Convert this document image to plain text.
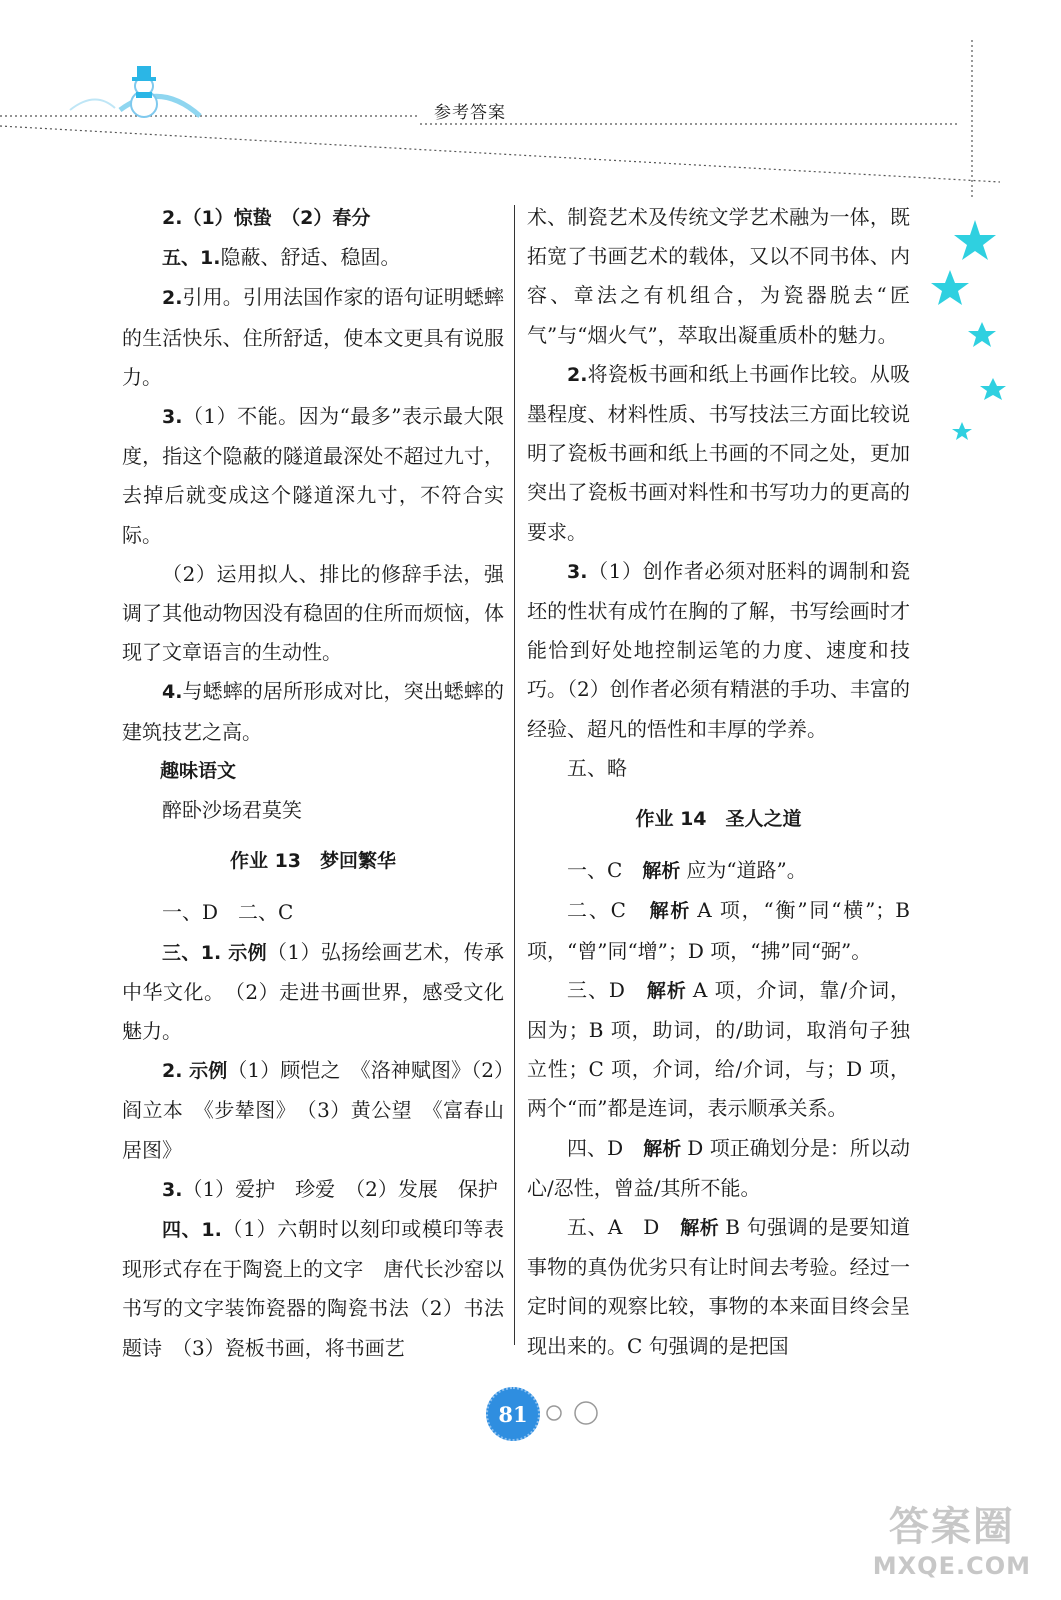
参考答案

2.（1）惊蛰　（2）春分

五、1.隐蔽、舒适、稳固。

2.引用。引用法国作家的语句证明蟋蟀的生活快乐、住所舒适，使本文更具有说服力。

3.（1）不能。因为“最多”表示最大限度，指这个隐蔽的隧道最深处不超过九寸，去掉后就变成这个隧道深九寸，不符合实际。

（2）运用拟人、排比的修辞手法，强调了其他动物因没有稳固的住所而烦恼，体现了文章语言的生动性。

4.与蟋蟀的居所形成对比，突出蟋蟀的建筑技艺之高。

趣味语文

醉卧沙场君莫笑

作业 13　梦回繁华

一、D　二、C

三、1. 示例（1）弘扬绘画艺术，传承中华文化。　（2）走进书画世界，感受文化魅力。

2. 示例（1）顾恺之　《洛神赋图》（2）阎立本　《步辇图》　（3）黄公望　《富春山居图》

3.（1）爱护　珍爱　（2）发展　保护

四、1.（1）六朝时以刻印或模印等表现形式存在于陶瓷上的文字　唐代长沙窑以书写的文字装饰瓷器的陶瓷书法（2）书法　题诗　（3）瓷板书画，将书画艺

术、制瓷艺术及传统文学艺术融为一体，既拓宽了书画艺术的载体，又以不同书体、内容、章法之有机组合，为瓷器脱去“匠气”与“烟火气”，萃取出凝重质朴的魅力。

2.将瓷板书画和纸上书画作比较。从吸墨程度、材料性质、书写技法三方面比较说明了瓷板书画和纸上书画的不同之处，更加突出了瓷板书画对料性和书写功力的更高的要求。

3.（1）创作者必须对胚料的调制和瓷坯的性状有成竹在胸的了解，书写绘画时才能恰到好处地控制运笔的力度、速度和技巧。（2）创作者必须有精湛的手功、丰富的经验、超凡的悟性和丰厚的学养。

五、略

作业 14　圣人之道

一、C　 解析 应为“道路”。

二、C　 解析 A 项，“衡”同“横”；B 项，“曾”同“增”；D 项，“拂”同“弼”。

三、D　 解析 A 项，介词，靠/介词，因为；B 项，助词，的/助词，取消句子独立性；C 项，介词，给/介词，与；D 项，两个“而”都是连词，表示顺承关系。

四、D　 解析 D 项正确划分是：所以动心/忍性，曾益/其所不能。

五、A　D　 解析 B 句强调的是要知道事物的真伪优劣只有让时间去考验。经过一定时间的观察比较，事物的本来面目终会呈现出来的。C 句强调的是把国

81
答案圈
MXQE.COM
